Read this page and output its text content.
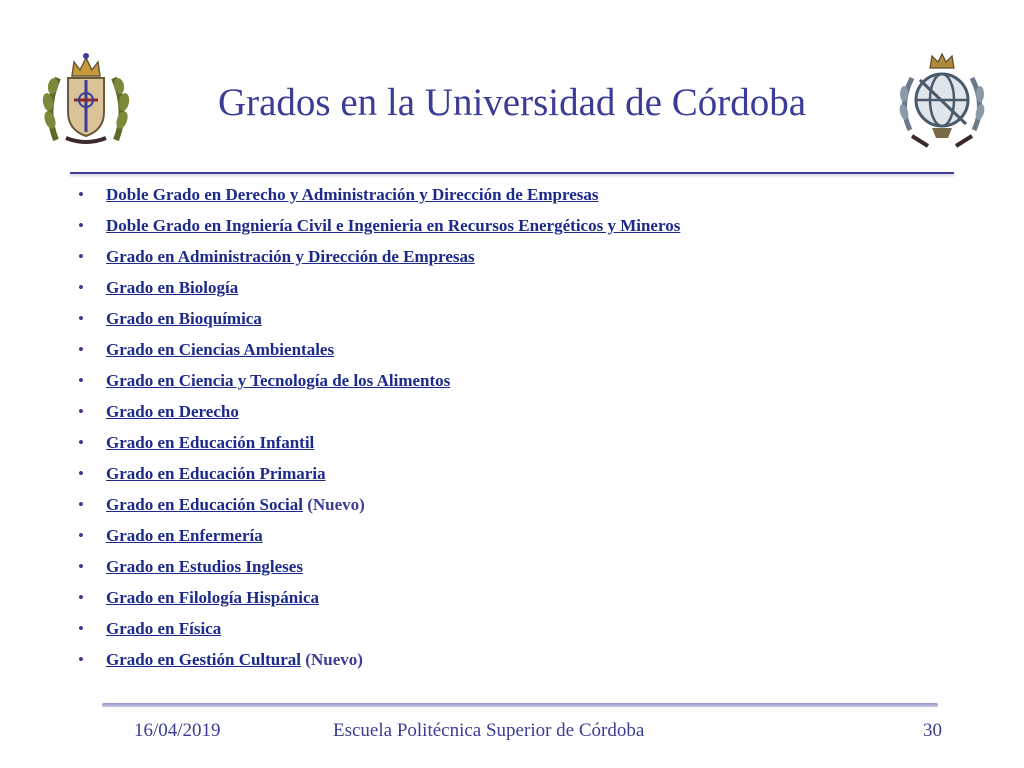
Grados en la Universidad de Córdoba
• Doble Grado en Derecho y Administración y Dirección de Empresas
• Doble Grado en Ingniería Civil e Ingenieria en Recursos Energéticos y Mineros
• Grado en Administración y Dirección de Empresas
• Grado en Biología
• Grado en Bioquímica
• Grado en Ciencias Ambientales
• Grado en Ciencia y Tecnología de los Alimentos
• Grado en Derecho
• Grado en Educación Infantil
• Grado en Educación Primaria
• Grado en Educación Social (Nuevo)
• Grado en Enfermería
• Grado en Estudios Ingleses
• Grado en Filología Hispánica
• Grado en Física
• Grado en Gestión Cultural (Nuevo)
16/04/2019	Escuela Politécnica Superior de Córdoba	30
